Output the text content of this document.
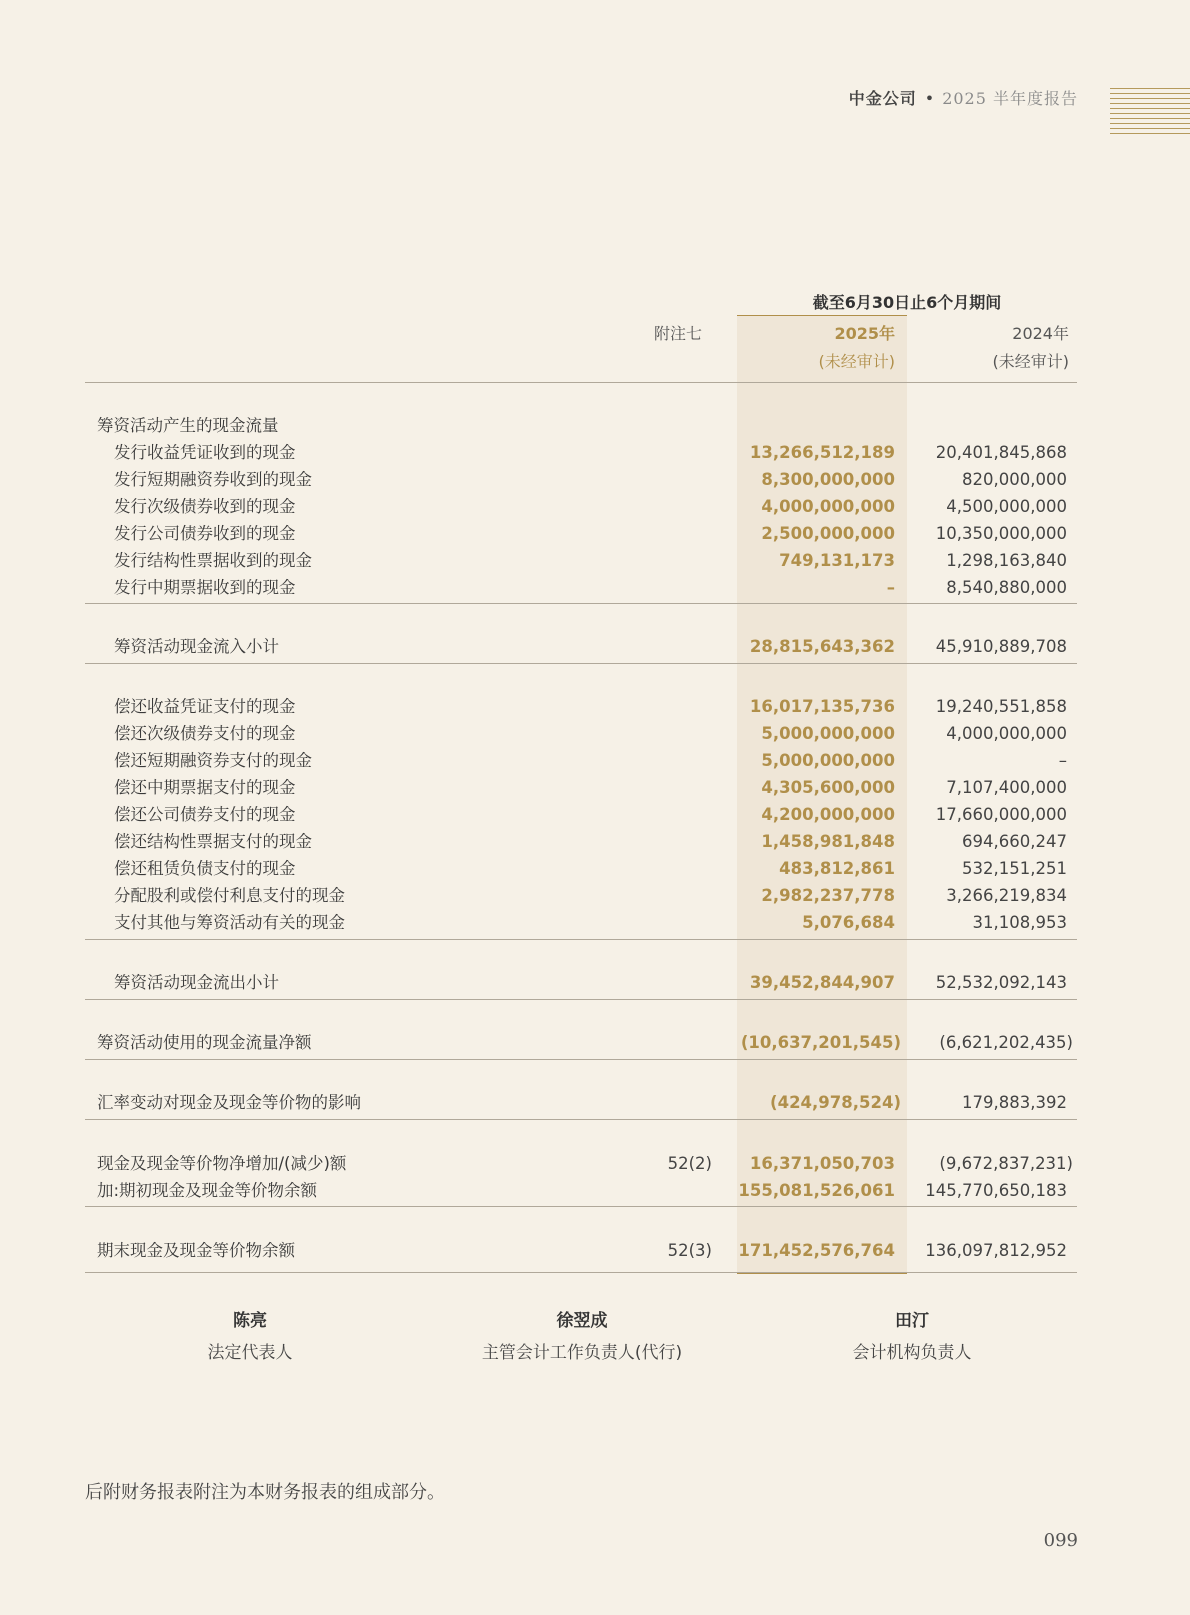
中金公司 • 2025 半年度报告
截至6月30日止6个月期间
附注七	2025年
(未经审计)
2024年
(未经审计)
筹资活动产生的现金流量
发行收益凭证收到的现金	13,266,512,189	20,401,845,868
发行短期融资券收到的现金	8,300,000,000	820,000,000
发行次级债券收到的现金	4,000,000,000	4,500,000,000
发行公司债券收到的现金	2,500,000,000	10,350,000,000
发行结构性票据收到的现金	749,131,173	1,298,163,840
发行中期票据收到的现金	–	8,540,880,000
筹资活动现金流入小计	28,815,643,362	45,910,889,708
偿还收益凭证支付的现金	16,017,135,736	19,240,551,858
偿还次级债券支付的现金	5,000,000,000	4,000,000,000
偿还短期融资券支付的现金	5,000,000,000	–
偿还中期票据支付的现金	4,305,600,000	7,107,400,000
偿还公司债券支付的现金	4,200,000,000	17,660,000,000
偿还结构性票据支付的现金	1,458,981,848	694,660,247
偿还租赁负债支付的现金	483,812,861	532,151,251
分配股利或偿付利息支付的现金	2,982,237,778	3,266,219,834
支付其他与筹资活动有关的现金	5,076,684	31,108,953
筹资活动现金流出小计	39,452,844,907	52,532,092,143
筹资活动使用的现金流量净额	(10,637,201,545)	(6,621,202,435)
汇率变动对现金及现金等价物的影响	(424,978,524)	179,883,392
现金及现金等价物净增加/(减少)额	52(2)	16,371,050,703	(9,672,837,231)
加:期初现金及现金等价物余额	155,081,526,061	145,770,650,183
期末现金及现金等价物余额	52(3) 171,452,576,764	136,097,812,952
陈亮
法定代表人
徐翌成
主管会计工作负责人(代行)
田汀
会计机构负责人
后附财务报表附注为本财务报表的组成部分。
099
